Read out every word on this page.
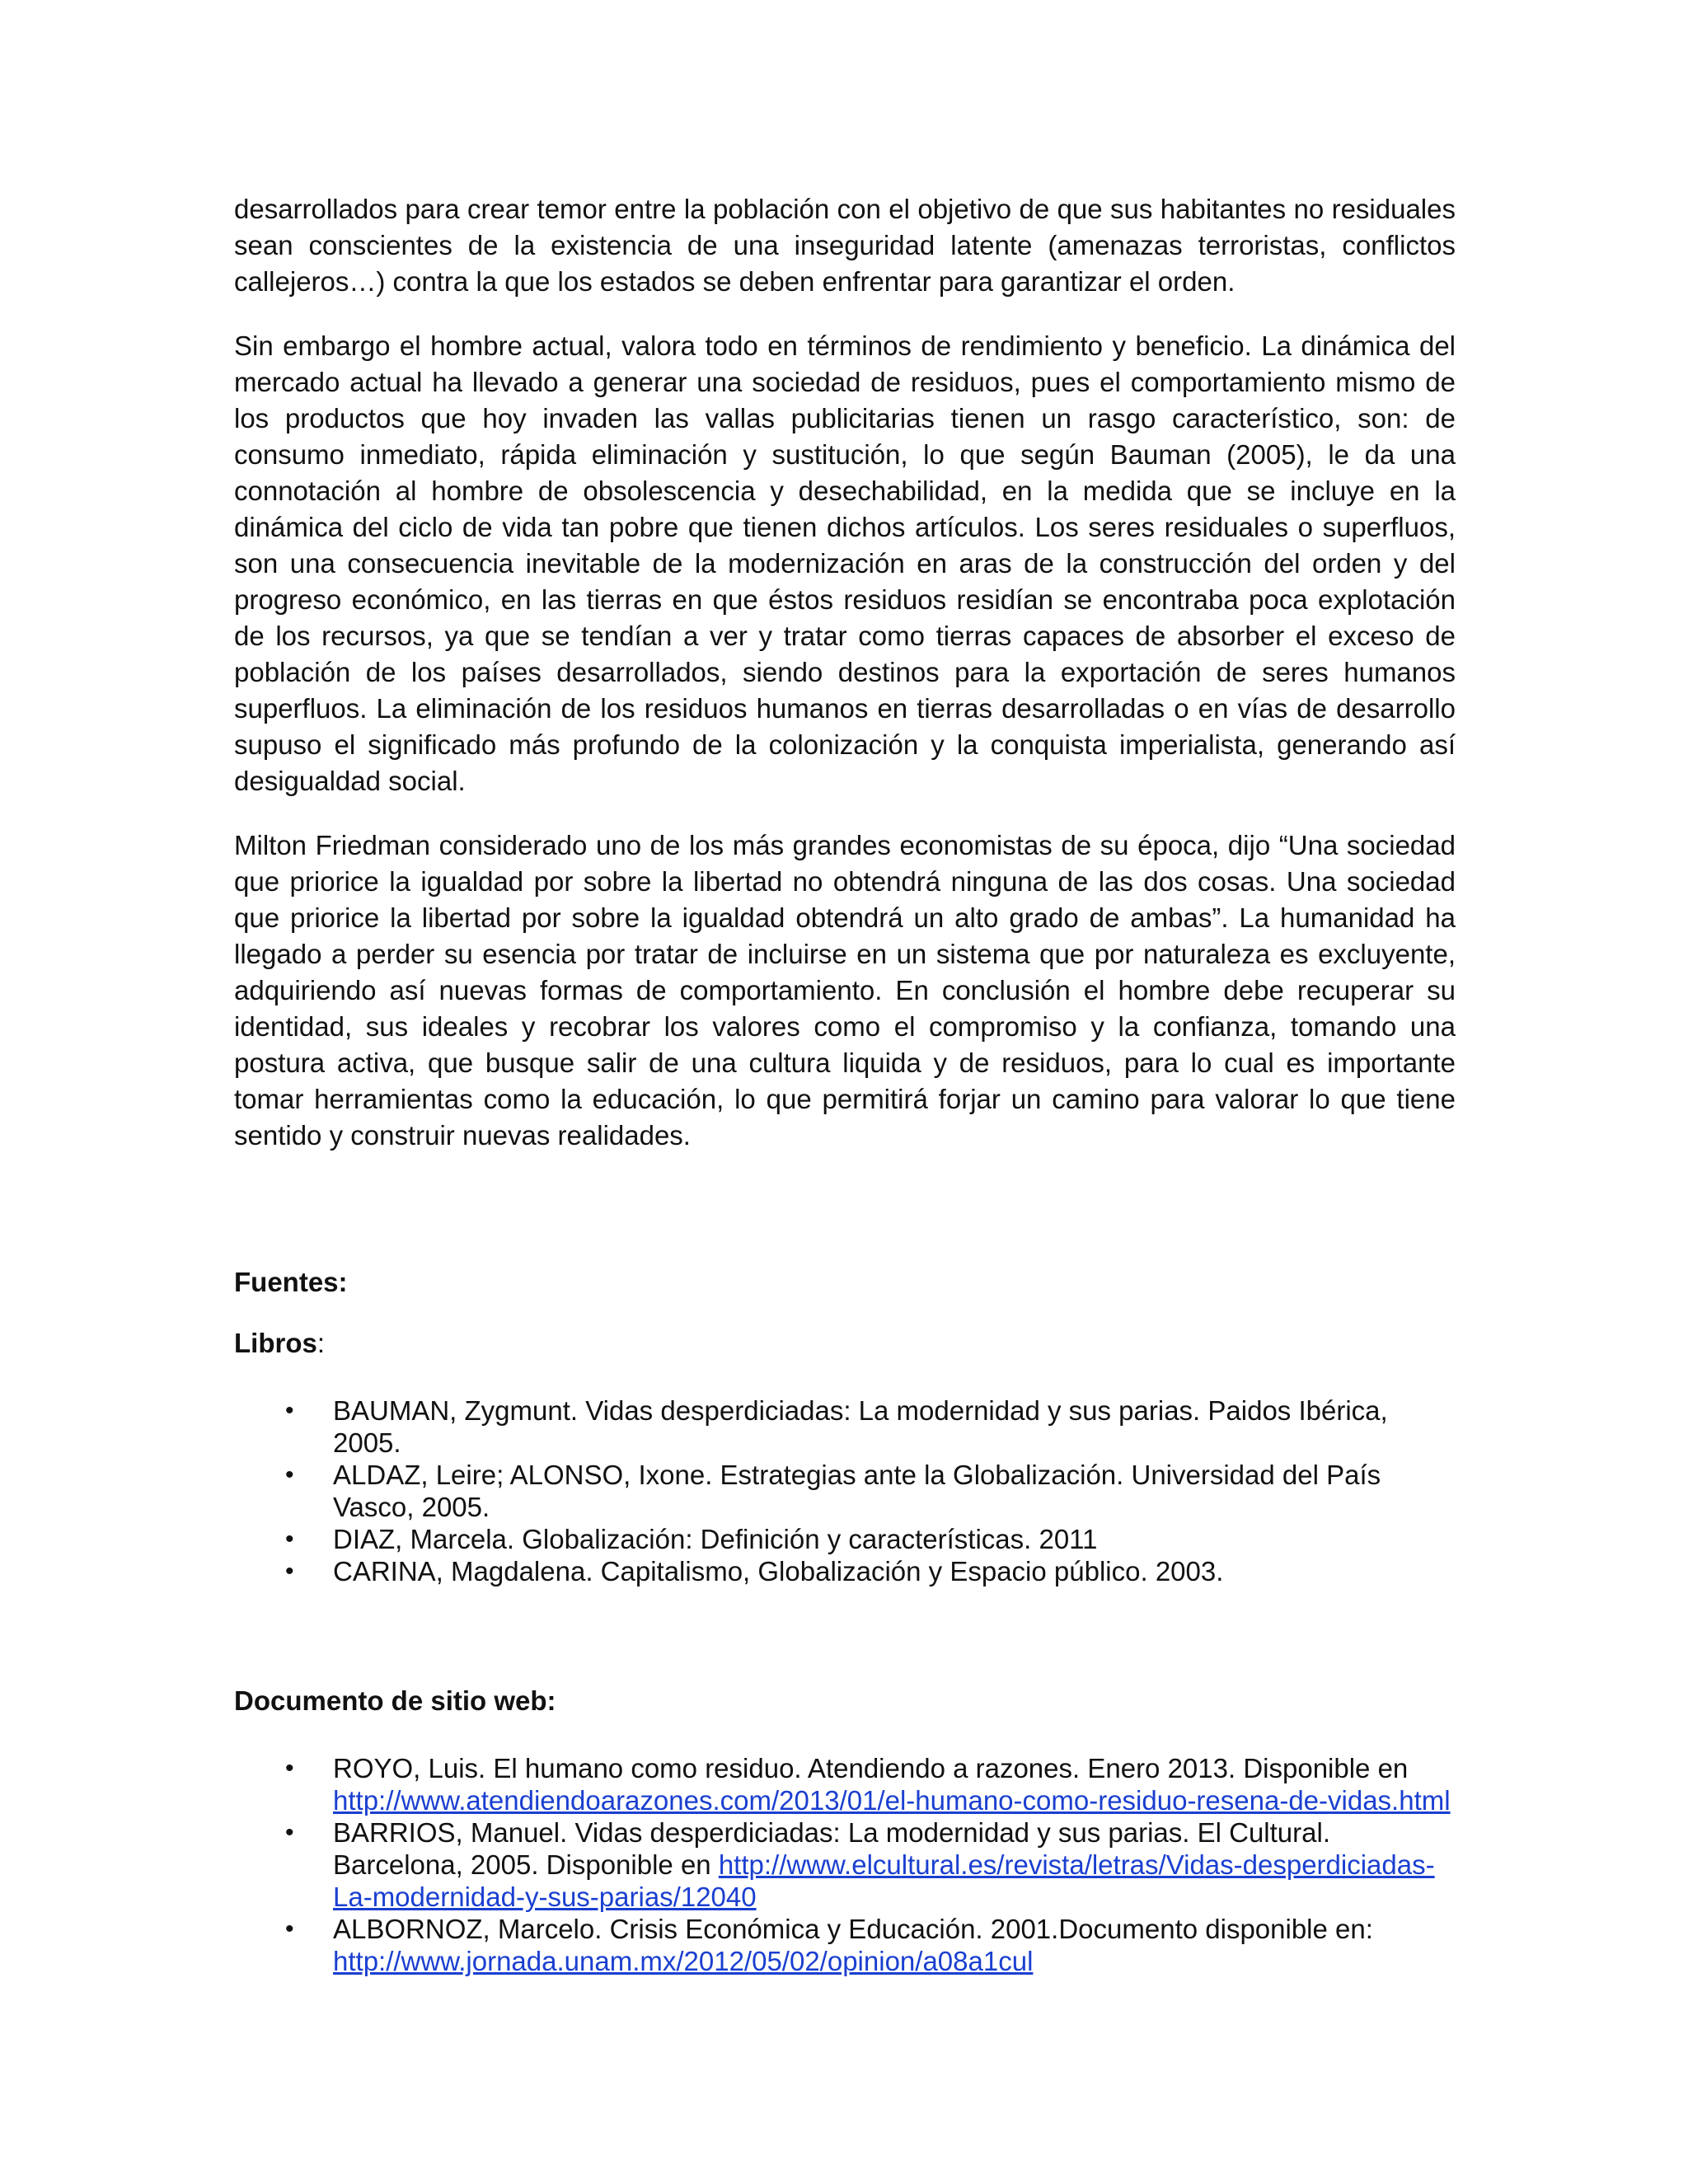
desarrollados para crear temor entre la población con el objetivo de que sus habitantes no residuales sean conscientes de la existencia de una inseguridad latente (amenazas terroristas, conflictos callejeros…) contra la que los estados se deben enfrentar para garantizar el orden.

Sin embargo el hombre actual, valora todo en términos de rendimiento y beneficio. La dinámica del mercado actual ha llevado a generar una sociedad de residuos, pues el comportamiento mismo de los productos que hoy invaden las vallas publicitarias tienen un rasgo característico, son: de consumo inmediato, rápida eliminación y sustitución, lo que según Bauman (2005), le da una connotación al hombre de obsolescencia y desechabilidad, en la medida que se incluye en la dinámica del ciclo de vida tan pobre que tienen dichos artículos. Los seres residuales o superfluos, son una consecuencia inevitable de la modernización en aras de la construcción del orden y del progreso económico, en las tierras en que éstos residuos residían se encontraba poca explotación de los recursos, ya que se tendían a ver y tratar como tierras capaces de absorber el exceso de población de los países desarrollados, siendo destinos para la exportación de seres humanos superfluos. La eliminación de los residuos humanos en tierras desarrolladas o en vías de desarrollo supuso el significado más profundo de la colonización y la conquista imperialista, generando así desigualdad social.

Milton Friedman considerado uno de los más grandes economistas de su época, dijo “Una sociedad que priorice la igualdad por sobre la libertad no obtendrá ninguna de las dos cosas. Una sociedad que priorice la libertad por sobre la igualdad obtendrá un alto grado de ambas”. La humanidad ha llegado a perder su esencia por tratar de incluirse en un sistema que por naturaleza es excluyente, adquiriendo así nuevas formas de comportamiento. En conclusión el hombre debe recuperar su identidad, sus ideales y recobrar los valores como el compromiso y la confianza, tomando una postura activa, que busque salir de una cultura liquida y de residuos, para lo cual es importante tomar herramientas como la educación, lo que permitirá forjar un camino para valorar lo que tiene sentido y construir nuevas realidades.

Fuentes:
Libros:
• BAUMAN, Zygmunt. Vidas desperdiciadas: La modernidad y sus parias. Paidos Ibérica, 2005.
• ALDAZ, Leire; ALONSO, Ixone. Estrategias ante la Globalización. Universidad del País Vasco, 2005.
• DIAZ, Marcela. Globalización: Definición y características. 2011
• CARINA, Magdalena. Capitalismo, Globalización y Espacio público. 2003.
Documento de sitio web:
• ROYO, Luis. El humano como residuo. Atendiendo a razones. Enero 2013. Disponible en http://www.atendiendoarazones.com/2013/01/el-humano-como-residuo-resena-de-vidas.html
• BARRIOS, Manuel. Vidas desperdiciadas: La modernidad y sus parias. El Cultural. Barcelona, 2005. Disponible en http://www.elcultural.es/revista/letras/Vidas-desperdiciadas-La-modernidad-y-sus-parias/12040
• ALBORNOZ, Marcelo. Crisis Económica y Educación. 2001.Documento disponible en: http://www.jornada.unam.mx/2012/05/02/opinion/a08a1cul
